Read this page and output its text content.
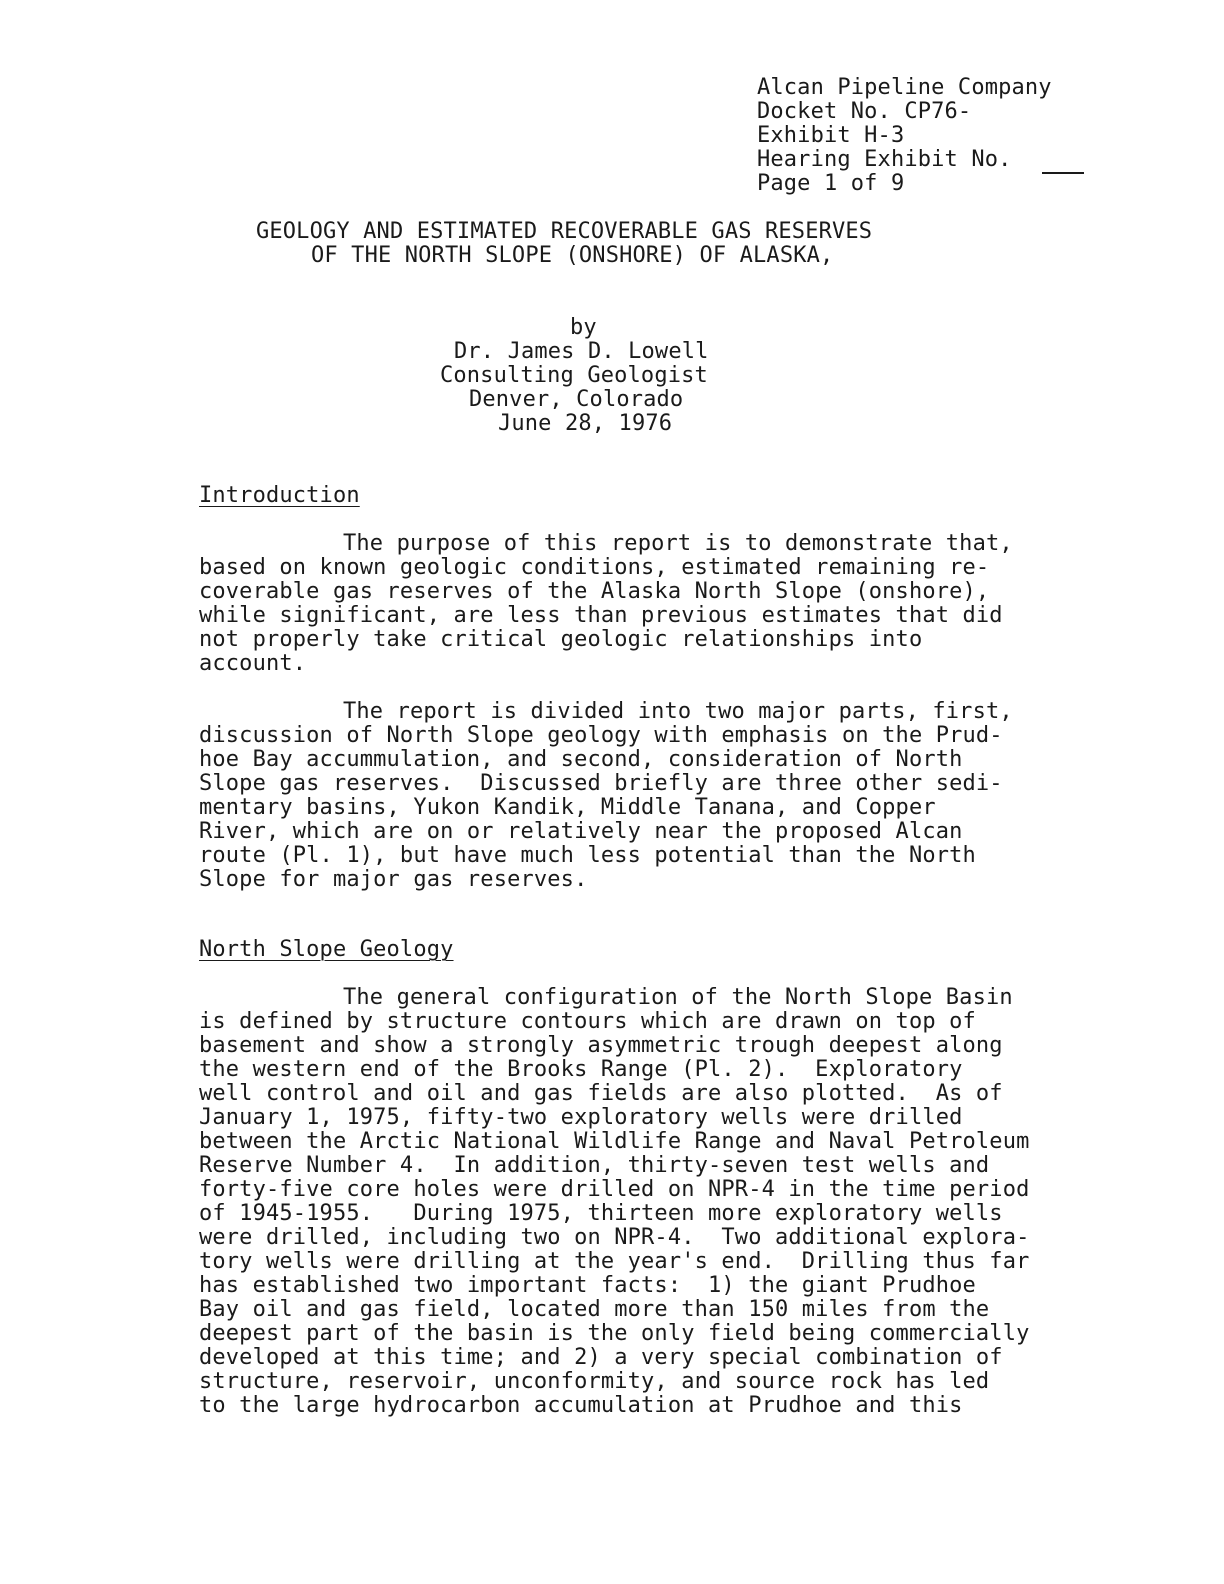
Alcan Pipeline Company
Docket No. CP76-
Exhibit H-3
Hearing Exhibit No.
Page 1 of 9
GEOLOGY AND ESTIMATED RECOVERABLE GAS RESERVES
OF THE NORTH SLOPE (ONSHORE) OF ALASKA,
by
Dr. James D. Lowell
Consulting Geologist
Denver, Colorado
June 28, 1976
Introduction
The purpose of this report is to demonstrate that,
based on known geologic conditions, estimated remaining re-
coverable gas reserves of the Alaska North Slope (onshore),
while significant, are less than previous estimates that did
not properly take critical geologic relationships into
account.
The report is divided into two major parts, first,
discussion of North Slope geology with emphasis on the Prud-
hoe Bay accummulation, and second, consideration of North
Slope gas reserves.  Discussed briefly are three other sedi-
mentary basins, Yukon Kandik, Middle Tanana, and Copper
River, which are on or relatively near the proposed Alcan
route (Pl. 1), but have much less potential than the North
Slope for major gas reserves.
North Slope Geology
The general configuration of the North Slope Basin
is defined by structure contours which are drawn on top of
basement and show a strongly asymmetric trough deepest along
the western end of the Brooks Range (Pl. 2).  Exploratory
well control and oil and gas fields are also plotted.  As of
January 1, 1975, fifty-two exploratory wells were drilled
between the Arctic National Wildlife Range and Naval Petroleum
Reserve Number 4.  In addition, thirty-seven test wells and
forty-five core holes were drilled on NPR-4 in the time period
of 1945-1955.   During 1975, thirteen more exploratory wells
were drilled, including two on NPR-4.  Two additional explora-
tory wells were drilling at the year's end.  Drilling thus far
has established two important facts:  1) the giant Prudhoe
Bay oil and gas field, located more than 150 miles from the
deepest part of the basin is the only field being commercially
developed at this time; and 2) a very special combination of
structure, reservoir, unconformity, and source rock has led
to the large hydrocarbon accumulation at Prudhoe and this
